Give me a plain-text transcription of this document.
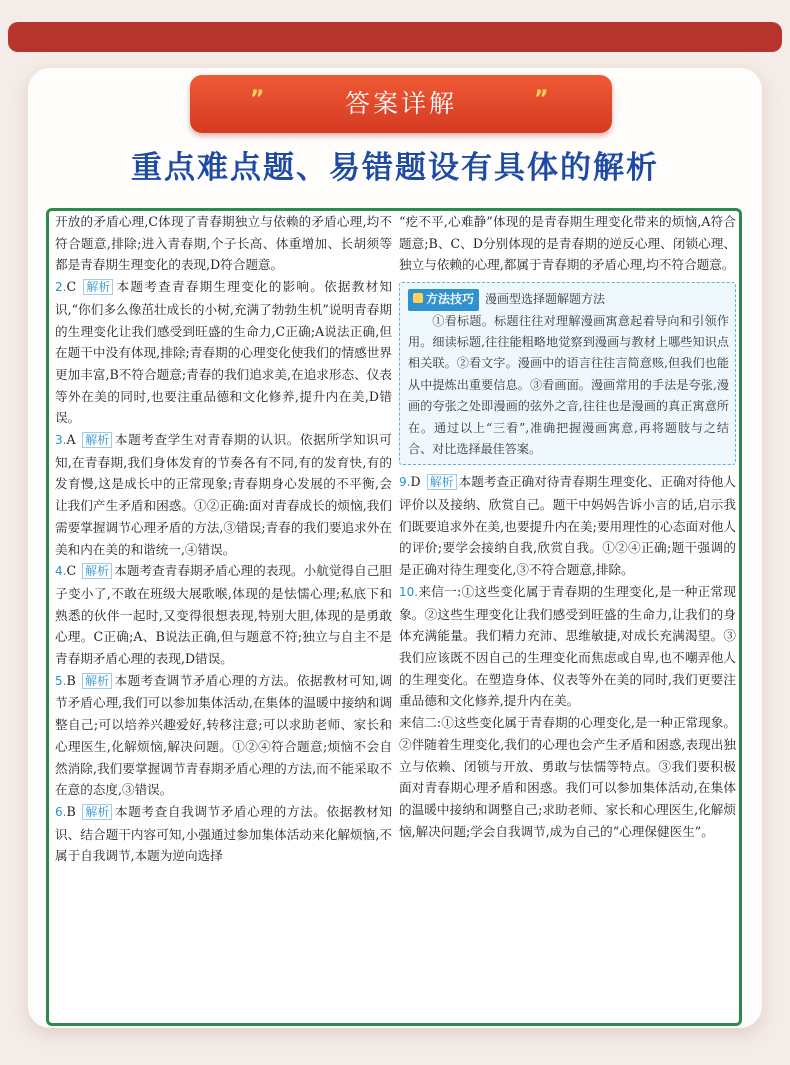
”	答案详解	”
重点难点题、易错题设有具体的解析

开放的矛盾心理,C体现了青春期独立与依赖的矛盾心理,均不符合题意,排除;进入青春期,个子长高、体重增加、长胡须等都是青春期生理变化的表现,D符合题意。

2.C 解析 本题考查青春期生理变化的影响。依据教材知识,“你们多么像茁壮成长的小树,充满了勃勃生机”说明青春期的生理变化让我们感受到旺盛的生命力,C正确;A说法正确,但在题干中没有体现,排除;青春期的心理变化使我们的情感世界更加丰富,B不符合题意;青春的我们追求美,在追求形态、仪表等外在美的同时,也要注重品德和文化修养,提升内在美,D错误。

3.A 解析 本题考查学生对青春期的认识。依据所学知识可知,在青春期,我们身体发育的节奏各有不同,有的发育快,有的发育慢,这是成长中的正常现象;青春期身心发展的不平衡,会让我们产生矛盾和困惑。①②正确:面对青春成长的烦恼,我们需要掌握调节心理矛盾的方法,③错误;青春的我们要追求外在美和内在美的和谐统一,④错误。

4.C 解析 本题考查青春期矛盾心理的表现。小航觉得自己胆子变小了,不敢在班级大展歌喉,体现的是怯懦心理;私底下和熟悉的伙伴一起时,又变得很想表现,特别大胆,体现的是勇敢心理。C正确;A、B说法正确,但与题意不符;独立与自主不是青春期矛盾心理的表现,D错误。

5.B 解析 本题考查调节矛盾心理的方法。依据教材可知,调节矛盾心理,我们可以参加集体活动,在集体的温暖中接纳和调整自己;可以培养兴趣爱好,转移注意;可以求助老师、家长和心理医生,化解烦恼,解决问题。①②④符合题意;烦恼不会自然消除,我们要掌握调节青春期矛盾心理的方法,而不能采取不在意的态度,③错误。

6.B 解析 本题考查自我调节矛盾心理的方法。依据教材知识、结合题干内容可知,小强通过参加集体活动来化解烦恼,不属于自我调节,本题为逆向选择

“疙不平,心难静”体现的是青春期生理变化带来的烦恼,A符合题意;B、C、D分别体现的是青春期的逆反心理、闭锁心理、独立与依赖的心理,都属于青春期的矛盾心理,均不符合题意。

方法技巧 漫画型选择题解题方法

①看标题。标题往往对理解漫画寓意起着导向和引领作用。细读标题,往往能粗略地觉察到漫画与教材上哪些知识点相关联。②看文字。漫画中的语言往往言简意赅,但我们也能从中提炼出重要信息。③看画面。漫画常用的手法是夸张,漫画的夸张之处即漫画的弦外之音,往往也是漫画的真正寓意所在。通过以上“三看”,准确把握漫画寓意,再将题肢与之结合、对比选择最佳答案。

9.D 解析 本题考查正确对待青春期生理变化、正确对待他人评价以及接纳、欣赏自己。题干中妈妈告诉小言的话,启示我们既要追求外在美,也要提升内在美;要用理性的心态面对他人的评价;要学会接纳自我,欣赏自我。①②④正确;题干强调的是正确对待生理变化,③不符合题意,排除。

10.来信一:①这些变化属于青春期的生理变化,是一种正常现象。②这些生理变化让我们感受到旺盛的生命力,让我们的身体充满能量。我们精力充沛、思维敏捷,对成长充满渴望。③我们应该既不因自己的生理变化而焦虑或自卑,也不嘲弄他人的生理变化。在塑造身体、仪表等外在美的同时,我们更要注重品德和文化修养,提升内在美。

来信二:①这些变化属于青春期的心理变化,是一种正常现象。②伴随着生理变化,我们的心理也会产生矛盾和困惑,表现出独立与依赖、闭锁与开放、勇敢与怯懦等特点。③我们要积极面对青春期心理矛盾和困惑。我们可以参加集体活动,在集体的温暖中接纳和调整自己;求助老师、家长和心理医生,化解烦恼,解决问题;学会自我调节,成为自己的“心理保健医生”。
